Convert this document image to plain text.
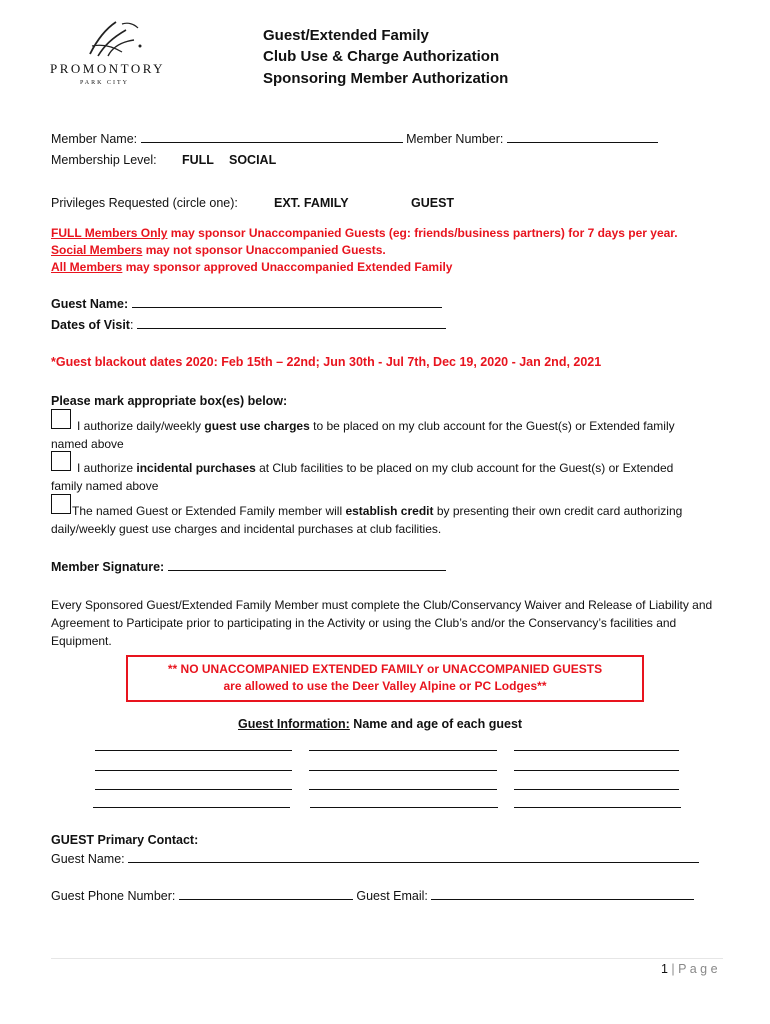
PROMONTORY
PARK CITY
Guest/Extended Family
Club Use & Charge Authorization
Sponsoring Member Authorization
Member Name:	Member Number:
Membership Level: FULL SOCIAL
Privileges Requested (circle one):	EXT. FAMILY	GUEST
FULL Members Only may sponsor Unaccompanied Guests (eg: friends/business partners) for 7 days per year.
Social Members may not sponsor Unaccompanied Guests.
All Members may sponsor approved Unaccompanied Extended Family
Guest Name:
Dates of Visit:
*Guest blackout dates 2020: Feb 15th – 22nd; Jun 30th - Jul 7th, Dec 19, 2020 - Jan 2nd, 2021
Please mark appropriate box(es) below:
I authorize daily/weekly guest use charges to be placed on my club account for the Guest(s) or Extended family
named above
I authorize incidental purchases at Club facilities to be placed on my club account for the Guest(s) or Extended
family named above
The named Guest or Extended Family member will establish credit by presenting their own credit card authorizing
daily/weekly guest use charges and incidental purchases at club facilities.
Member Signature:
Every Sponsored Guest/Extended Family Member must complete the Club/Conservancy Waiver and Release of Liability and Agreement to Participate prior to participating in the Activity or using the Club’s and/or the Conservancy’s facilities and Equipment.
** NO UNACCOMPANIED EXTENDED FAMILY or UNACCOMPANIED GUESTS
are allowed to use the Deer Valley Alpine or PC Lodges**
Guest Information: Name and age of each guest
GUEST Primary Contact:
Guest Name:
Guest Phone Number:	Guest Email:
1 | P a g e
